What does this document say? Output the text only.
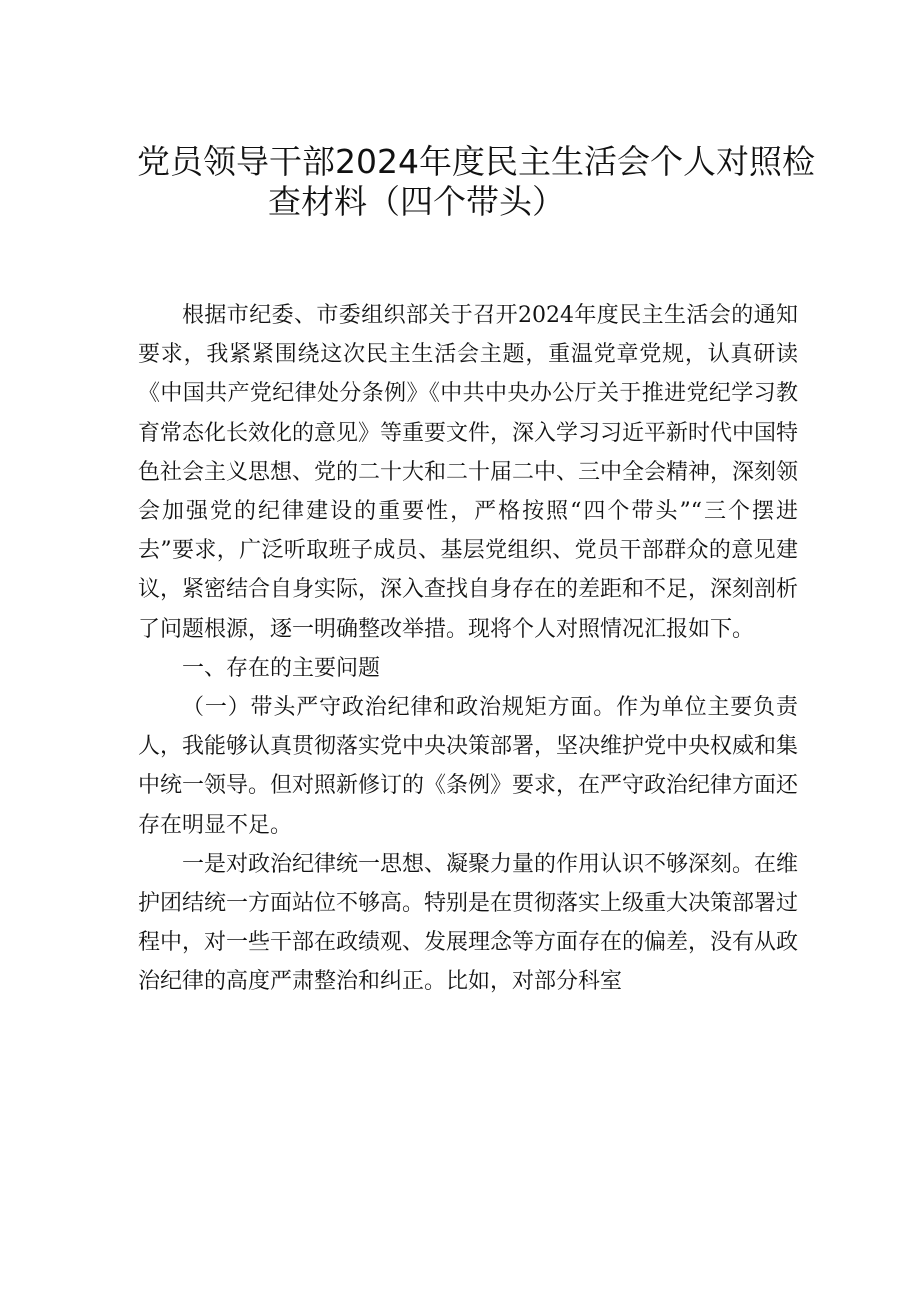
党员领导干部2024年度民主生活会个人对照检
查材料（四个带头）

根据市纪委、市委组织部关于召开2024年度民主生活会的通知要求，我紧紧围绕这次民主生活会主题，重温党章党规，认真研读《中国共产党纪律处分条例》《中共中央办公厅关于推进党纪学习教育常态化长效化的意见》等重要文件，深入学习习近平新时代中国特色社会主义思想、党的二十大和二十届二中、三中全会精神，深刻领会加强党的纪律建设的重要性，严格按照“四个带头”“三个摆进去”要求，广泛听取班子成员、基层党组织、党员干部群众的意见建议，紧密结合自身实际，深入查找自身存在的差距和不足，深刻剖析了问题根源，逐一明确整改举措。现将个人对照情况汇报如下。

一、存在的主要问题

（一）带头严守政治纪律和政治规矩方面。作为单位主要负责人，我能够认真贯彻落实党中央决策部署，坚决维护党中央权威和集中统一领导。但对照新修订的《条例》要求，在严守政治纪律方面还存在明显不足。

一是对政治纪律统一思想、凝聚力量的作用认识不够深刻。在维护团结统一方面站位不够高。特别是在贯彻落实上级重大决策部署过程中，对一些干部在政绩观、发展理念等方面存在的偏差，没有从政治纪律的高度严肃整治和纠正。比如，对部分科室
